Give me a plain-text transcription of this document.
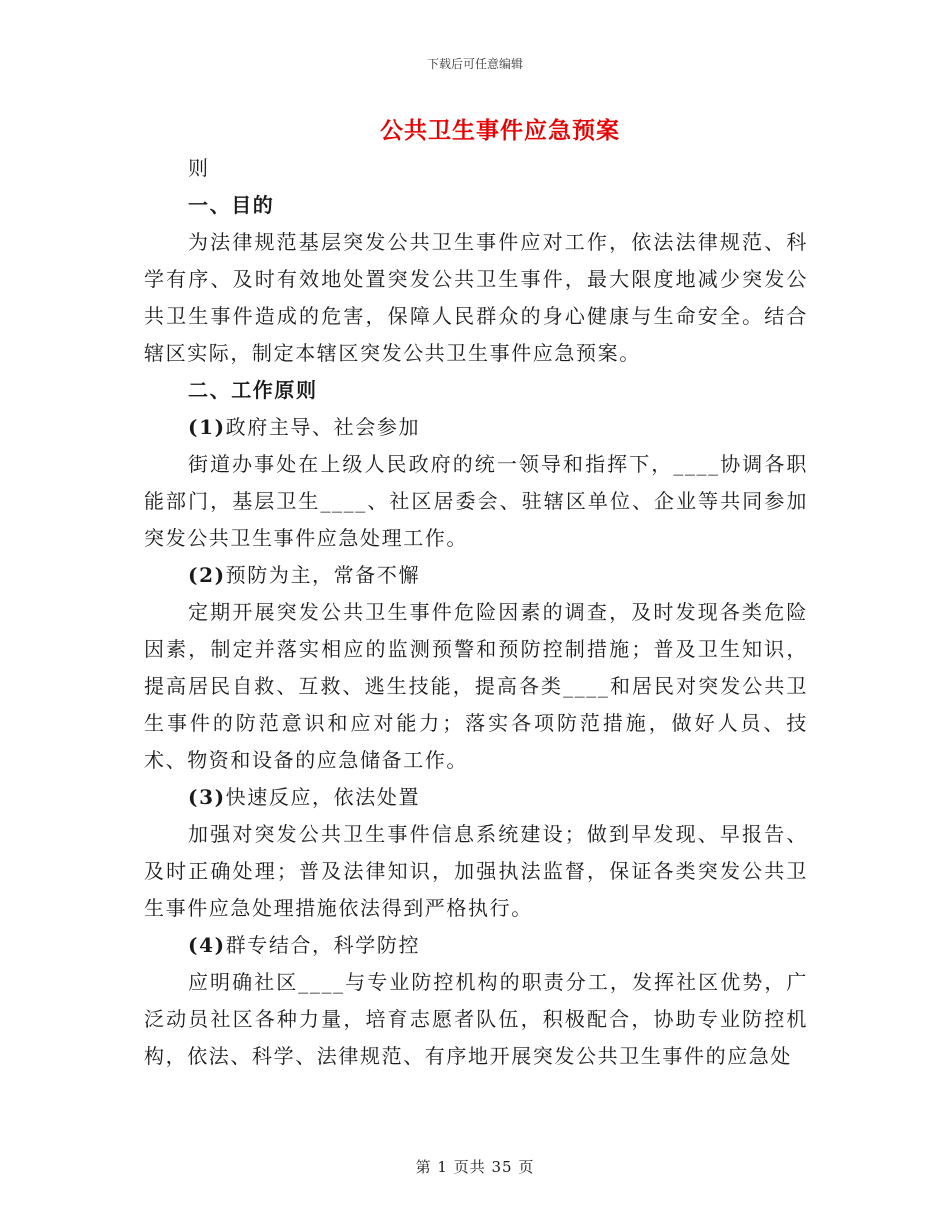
下载后可任意编辑
公共卫生事件应急预案

则

一、目的

为法律规范基层突发公共卫生事件应对工作，依法法律规范、科学有序、及时有效地处置突发公共卫生事件，最大限度地减少突发公共卫生事件造成的危害，保障人民群众的身心健康与生命安全。结合辖区实际，制定本辖区突发公共卫生事件应急预案。

二、工作原则

(1)政府主导、社会参加

街道办事处在上级人民政府的统一领导和指挥下，____协调各职能部门，基层卫生____、社区居委会、驻辖区单位、企业等共同参加突发公共卫生事件应急处理工作。

(2)预防为主，常备不懈

定期开展突发公共卫生事件危险因素的调查，及时发现各类危险因素，制定并落实相应的监测预警和预防控制措施；普及卫生知识，提高居民自救、互救、逃生技能，提高各类____和居民对突发公共卫生事件的防范意识和应对能力；落实各项防范措施，做好人员、技术、物资和设备的应急储备工作。

(3)快速反应，依法处置

加强对突发公共卫生事件信息系统建设；做到早发现、早报告、及时正确处理；普及法律知识，加强执法监督，保证各类突发公共卫生事件应急处理措施依法得到严格执行。

(4)群专结合，科学防控

应明确社区____与专业防控机构的职责分工，发挥社区优势，广泛动员社区各种力量，培育志愿者队伍，积极配合，协助专业防控机构，依法、科学、法律规范、有序地开展突发公共卫生事件的应急处

第 1 页共 35 页
